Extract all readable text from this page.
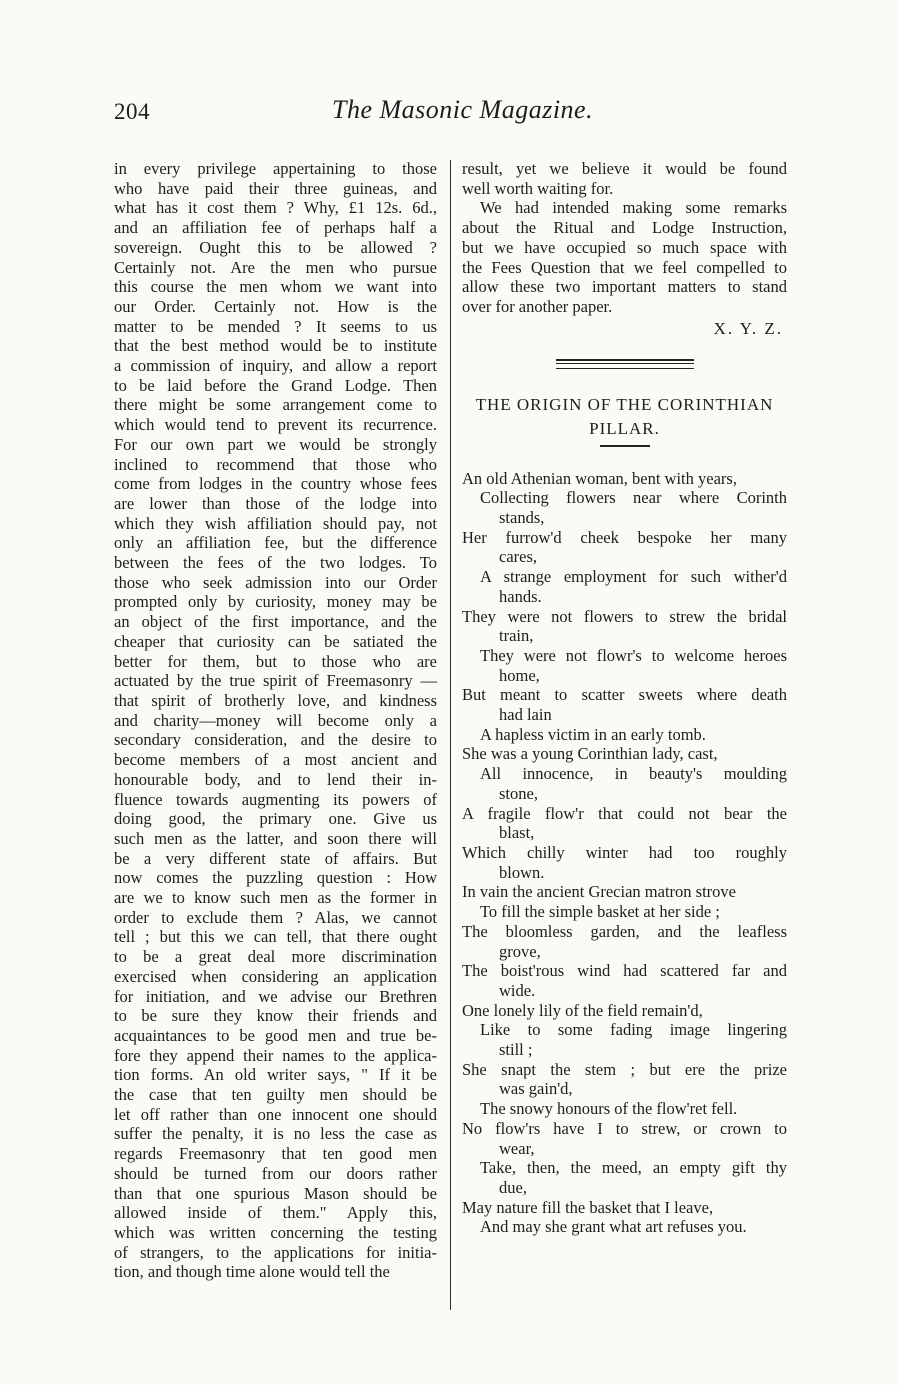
204	The Masonic Magazine.

in every privilege appertaining to those
who have paid their three guineas, and
what has it cost them ? Why, £1 12s. 6d.,
and an affiliation fee of perhaps half a
sovereign. Ought this to be allowed ?
Certainly not. Are the men who pursue
this course the men whom we want into
our Order. Certainly not. How is the
matter to be mended ? It seems to us
that the best method would be to institute
a commission of inquiry, and allow a report
to be laid before the Grand Lodge. Then
there might be some arrangement come to
which would tend to prevent its recurrence.
For our own part we would be strongly
inclined to recommend that those who
come from lodges in the country whose fees
are lower than those of the lodge into
which they wish affiliation should pay, not
only an affiliation fee, but the difference
between the fees of the two lodges. To
those who seek admission into our Order
prompted only by curiosity, money may be
an object of the first importance, and the
cheaper that curiosity can be satiated the
better for them, but to those who are
actuated by the true spirit of Freemasonry —
that spirit of brotherly love, and kindness
and charity—money will become only a
secondary consideration, and the desire to
become members of a most ancient and
honourable body, and to lend their in-
fluence towards augmenting its powers of
doing good, the primary one. Give us
such men as the latter, and soon there will
be a very different state of affairs. But
now comes the puzzling question : How
are we to know such men as the former in
order to exclude them ? Alas, we cannot
tell ; but this we can tell, that there ought
to be a great deal more discrimination
exercised when considering an application
for initiation, and we advise our Brethren
to be sure they know their friends and
acquaintances to be good men and true be-
fore they append their names to the applica-
tion forms. An old writer says, " If it be
the case that ten guilty men should be
let off rather than one innocent one should
suffer the penalty, it is no less the case as
regards Freemasonry that ten good men
should be turned from our doors rather
than that one spurious Mason should be
allowed inside of them." Apply this,
which was written concerning the testing
of strangers, to the applications for initia-
tion, and though time alone would tell the

result, yet we believe it would be found
well worth waiting for.

We had intended making some remarks
about the Ritual and Lodge Instruction,
but we have occupied so much space with
the Fees Question that we feel compelled to
allow these two important matters to stand
over for another paper.

X. Y. Z.

THE ORIGIN OF THE CORINTHIAN
PILLAR.
An old Athenian woman, bent with years,
Collecting flowers near where Corinth
stands,
Her furrow'd cheek bespoke her many
cares,
A strange employment for such wither'd
hands.
They were not flowers to strew the bridal
train,
They were not flowr's to welcome heroes
home,
But meant to scatter sweets where death
had lain
A hapless victim in an early tomb.
She was a young Corinthian lady, cast,
All innocence, in beauty's moulding
stone,
A fragile flow'r that could not bear the
blast,
Which chilly winter had too roughly
blown.
In vain the ancient Grecian matron strove
To fill the simple basket at her side ;
The bloomless garden, and the leafless
grove,
The boist'rous wind had scattered far and
wide.
One lonely lily of the field remain'd,
Like to some fading image lingering
still ;
She snapt the stem ; but ere the prize
was gain'd,
The snowy honours of the flow'ret fell.
No flow'rs have I to strew, or crown to
wear,
Take, then, the meed, an empty gift thy
due,
May nature fill the basket that I leave,
And may she grant what art refuses you.
